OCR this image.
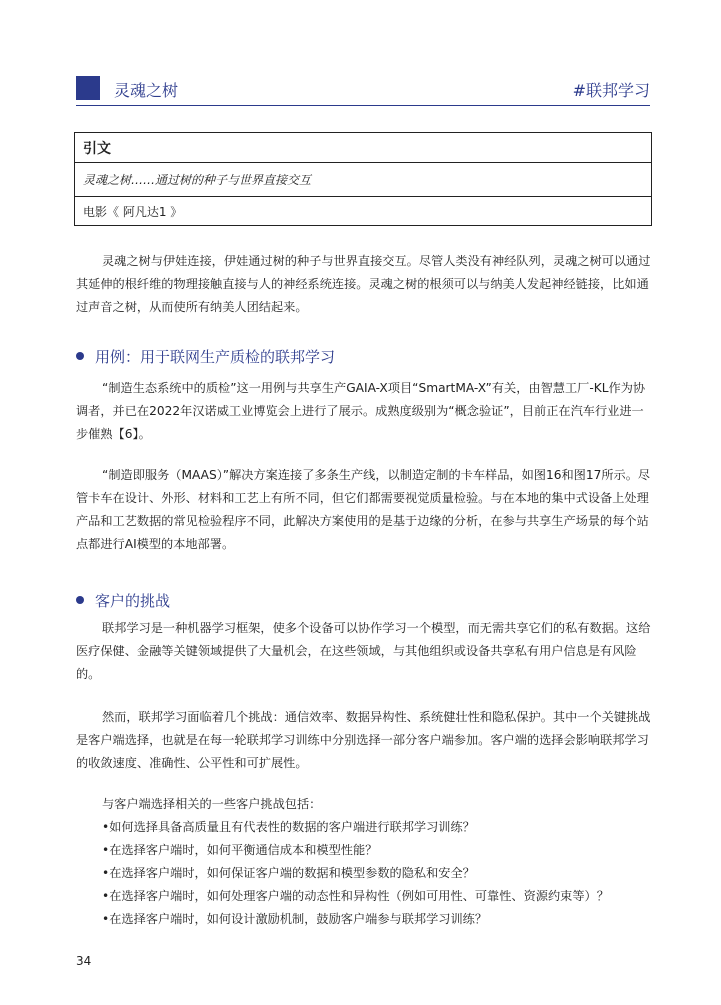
灵魂之树	#联邦学习
引文
灵魂之树……通过树的种子与世界直接交互
电影《 阿凡达1 》

灵魂之树与伊娃连接，伊娃通过树的种子与世界直接交互。尽管人类没有神经队列，灵魂之树可以通过其延伸的根纤维的物理接触直接与人的神经系统连接。灵魂之树的根须可以与纳美人发起神经链接，比如通过声音之树，从而使所有纳美人团结起来。

用例：用于联网生产质检的联邦学习

“制造生态系统中的质检”这一用例与共享生产GAIA-X项目“SmartMA-X”有关，由智慧工厂-KL作为协调者，并已在2022年汉诺威工业博览会上进行了展示。成熟度级别为“概念验证”，目前正在汽车行业进一步催熟【6】。

“制造即服务（MAAS）”解决方案连接了多条生产线，以制造定制的卡车样品，如图16和图17所示。尽管卡车在设计、外形、材料和工艺上有所不同，但它们都需要视觉质量检验。与在本地的集中式设备上处理产品和工艺数据的常见检验程序不同，此解决方案使用的是基于边缘的分析，在参与共享生产场景的每个站点都进行AI模型的本地部署。

客户的挑战

联邦学习是一种机器学习框架，使多个设备可以协作学习一个模型，而无需共享它们的私有数据。这给医疗保健、金融等关键领域提供了大量机会，在这些领域，与其他组织或设备共享私有用户信息是有风险的。

然而，联邦学习面临着几个挑战：通信效率、数据异构性、系统健壮性和隐私保护。其中一个关键挑战是客户端选择，也就是在每一轮联邦学习训练中分别选择一部分客户端参加。客户端的选择会影响联邦学习的收敛速度、准确性、公平性和可扩展性。

与客户端选择相关的一些客户挑战包括：
•如何选择具备高质量且有代表性的数据的客户端进行联邦学习训练？
•在选择客户端时，如何平衡通信成本和模型性能？
•在选择客户端时，如何保证客户端的数据和模型参数的隐私和安全？
•在选择客户端时，如何处理客户端的动态性和异构性（例如可用性、可靠性、资源约束等）？
•在选择客户端时，如何设计激励机制，鼓励客户端参与联邦学习训练？
34
